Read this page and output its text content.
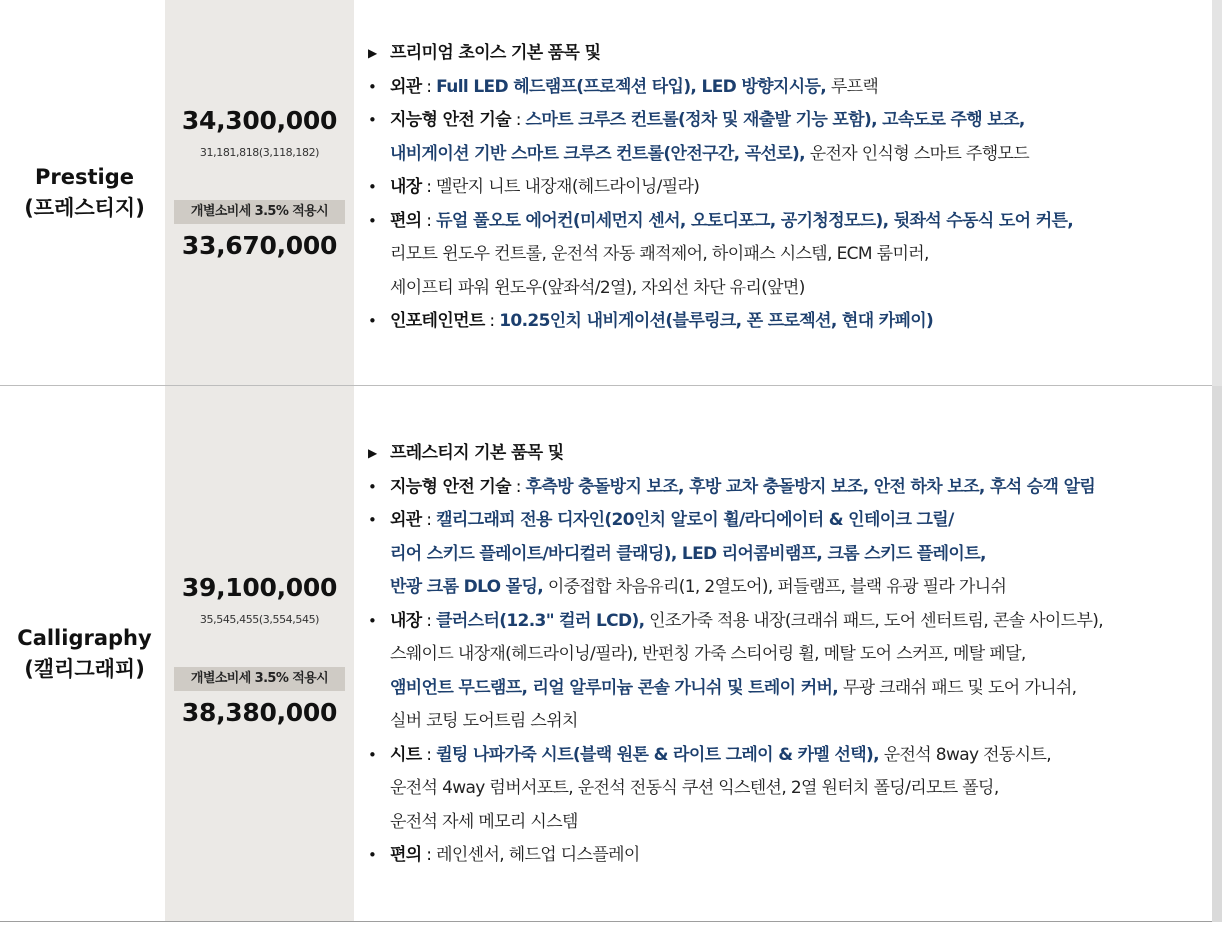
Prestige
(프레스티지)
34,300,000
31,181,818(3,118,182)
개별소비세 3.5% 적용시
33,670,000
▶ 프리미엄 초이스 기본 품목 및
• 외관 : Full LED 헤드램프(프로젝션 타입), LED 방향지시등, 루프랙
• 지능형 안전 기술 : 스마트 크루즈 컨트롤(정차 및 재출발 기능 포함), 고속도로 주행 보조,
내비게이션 기반 스마트 크루즈 컨트롤(안전구간, 곡선로), 운전자 인식형 스마트 주행모드
• 내장 : 멜란지 니트 내장재(헤드라이닝/필라)
• 편의 : 듀얼 풀오토 에어컨(미세먼지 센서, 오토디포그, 공기청정모드), 뒷좌석 수동식 도어 커튼,
리모트 윈도우 컨트롤, 운전석 자동 쾌적제어, 하이패스 시스템, ECM 룸미러,
세이프티 파워 윈도우(앞좌석/2열), 자외선 차단 유리(앞면)
• 인포테인먼트 : 10.25인치 내비게이션(블루링크, 폰 프로젝션, 현대 카페이)
Calligraphy
(캘리그래피)
39,100,000
35,545,455(3,554,545)
개별소비세 3.5% 적용시
38,380,000
▶ 프레스티지 기본 품목 및
• 지능형 안전 기술 : 후측방 충돌방지 보조, 후방 교차 충돌방지 보조, 안전 하차 보조, 후석 승객 알림
• 외관 : 캘리그래피 전용 디자인(20인치 알로이 휠/라디에이터 & 인테이크 그릴/
리어 스키드 플레이트/바디컬러 클래딩), LED 리어콤비램프, 크롬 스키드 플레이트,
반광 크롬 DLO 몰딩, 이중접합 차음유리(1, 2열도어), 퍼들램프, 블랙 유광 필라 가니쉬
• 내장 : 클러스터(12.3" 컬러 LCD), 인조가죽 적용 내장(크래쉬 패드, 도어 센터트림, 콘솔 사이드부),
스웨이드 내장재(헤드라이닝/필라), 반펀칭 가죽 스티어링 휠, 메탈 도어 스커프, 메탈 페달,
앰비언트 무드램프, 리얼 알루미늄 콘솔 가니쉬 및 트레이 커버, 무광 크래쉬 패드 및 도어 가니쉬,
실버 코팅 도어트림 스위치
• 시트 : 퀼팅 나파가죽 시트(블랙 원톤 & 라이트 그레이 & 카멜 선택), 운전석 8way 전동시트,
운전석 4way 럼버서포트, 운전석 전동식 쿠션 익스텐션, 2열 원터치 폴딩/리모트 폴딩,
운전석 자세 메모리 시스템
• 편의 : 레인센서, 헤드업 디스플레이
